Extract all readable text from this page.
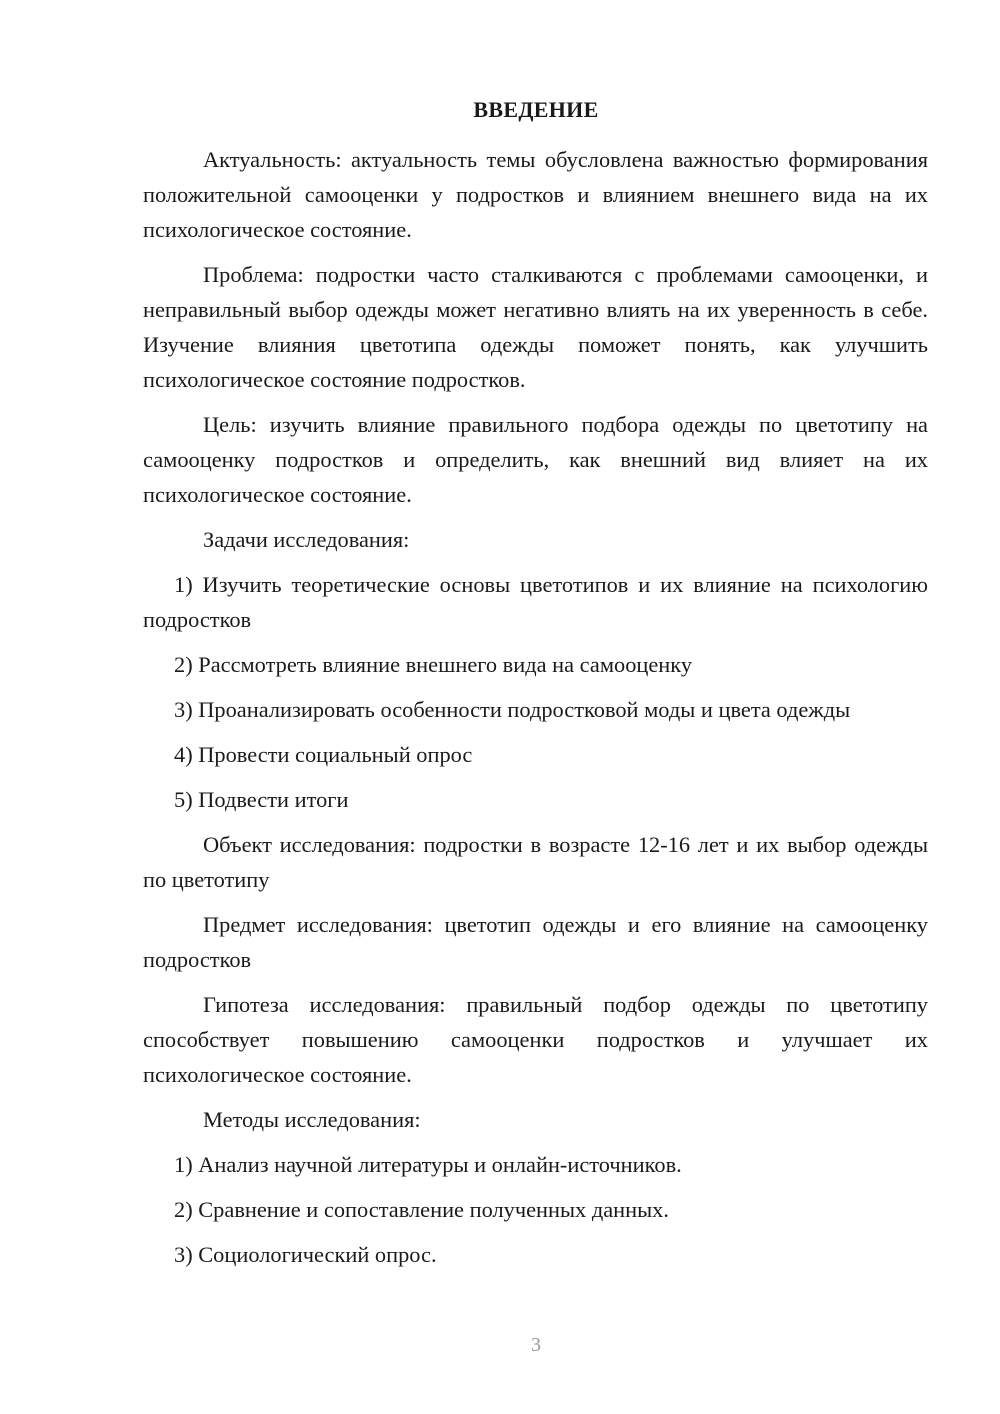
ВВЕДЕНИЕ

Актуальность: актуальность темы обусловлена важностью формирования положительной самооценки у подростков и влиянием внешнего вида на их психологическое состояние.

Проблема: подростки часто сталкиваются с проблемами самооценки, и неправильный выбор одежды может негативно влиять на их уверенность в себе. Изучение влияния цветотипа одежды поможет понять, как улучшить психологическое состояние подростков.

Цель: изучить влияние правильного подбора одежды по цветотипу на самооценку подростков и определить, как внешний вид влияет на их психологическое состояние.

Задачи исследования:

1) Изучить теоретические основы цветотипов и их влияние на психологию подростков

2) Рассмотреть влияние внешнего вида на самооценку

3) Проанализировать особенности подростковой моды и цвета одежды

4) Провести социальный опрос

5) Подвести итоги

Объект исследования: подростки в возрасте 12-16 лет и их выбор одежды по цветотипу

Предмет исследования: цветотип одежды и его влияние на самооценку подростков

Гипотеза исследования: правильный подбор одежды по цветотипу способствует повышению самооценки подростков и улучшает их психологическое состояние.

Методы исследования:

1) Анализ научной литературы и онлайн-источников.

2) Сравнение и сопоставление полученных данных.

3) Социологический опрос.

3
